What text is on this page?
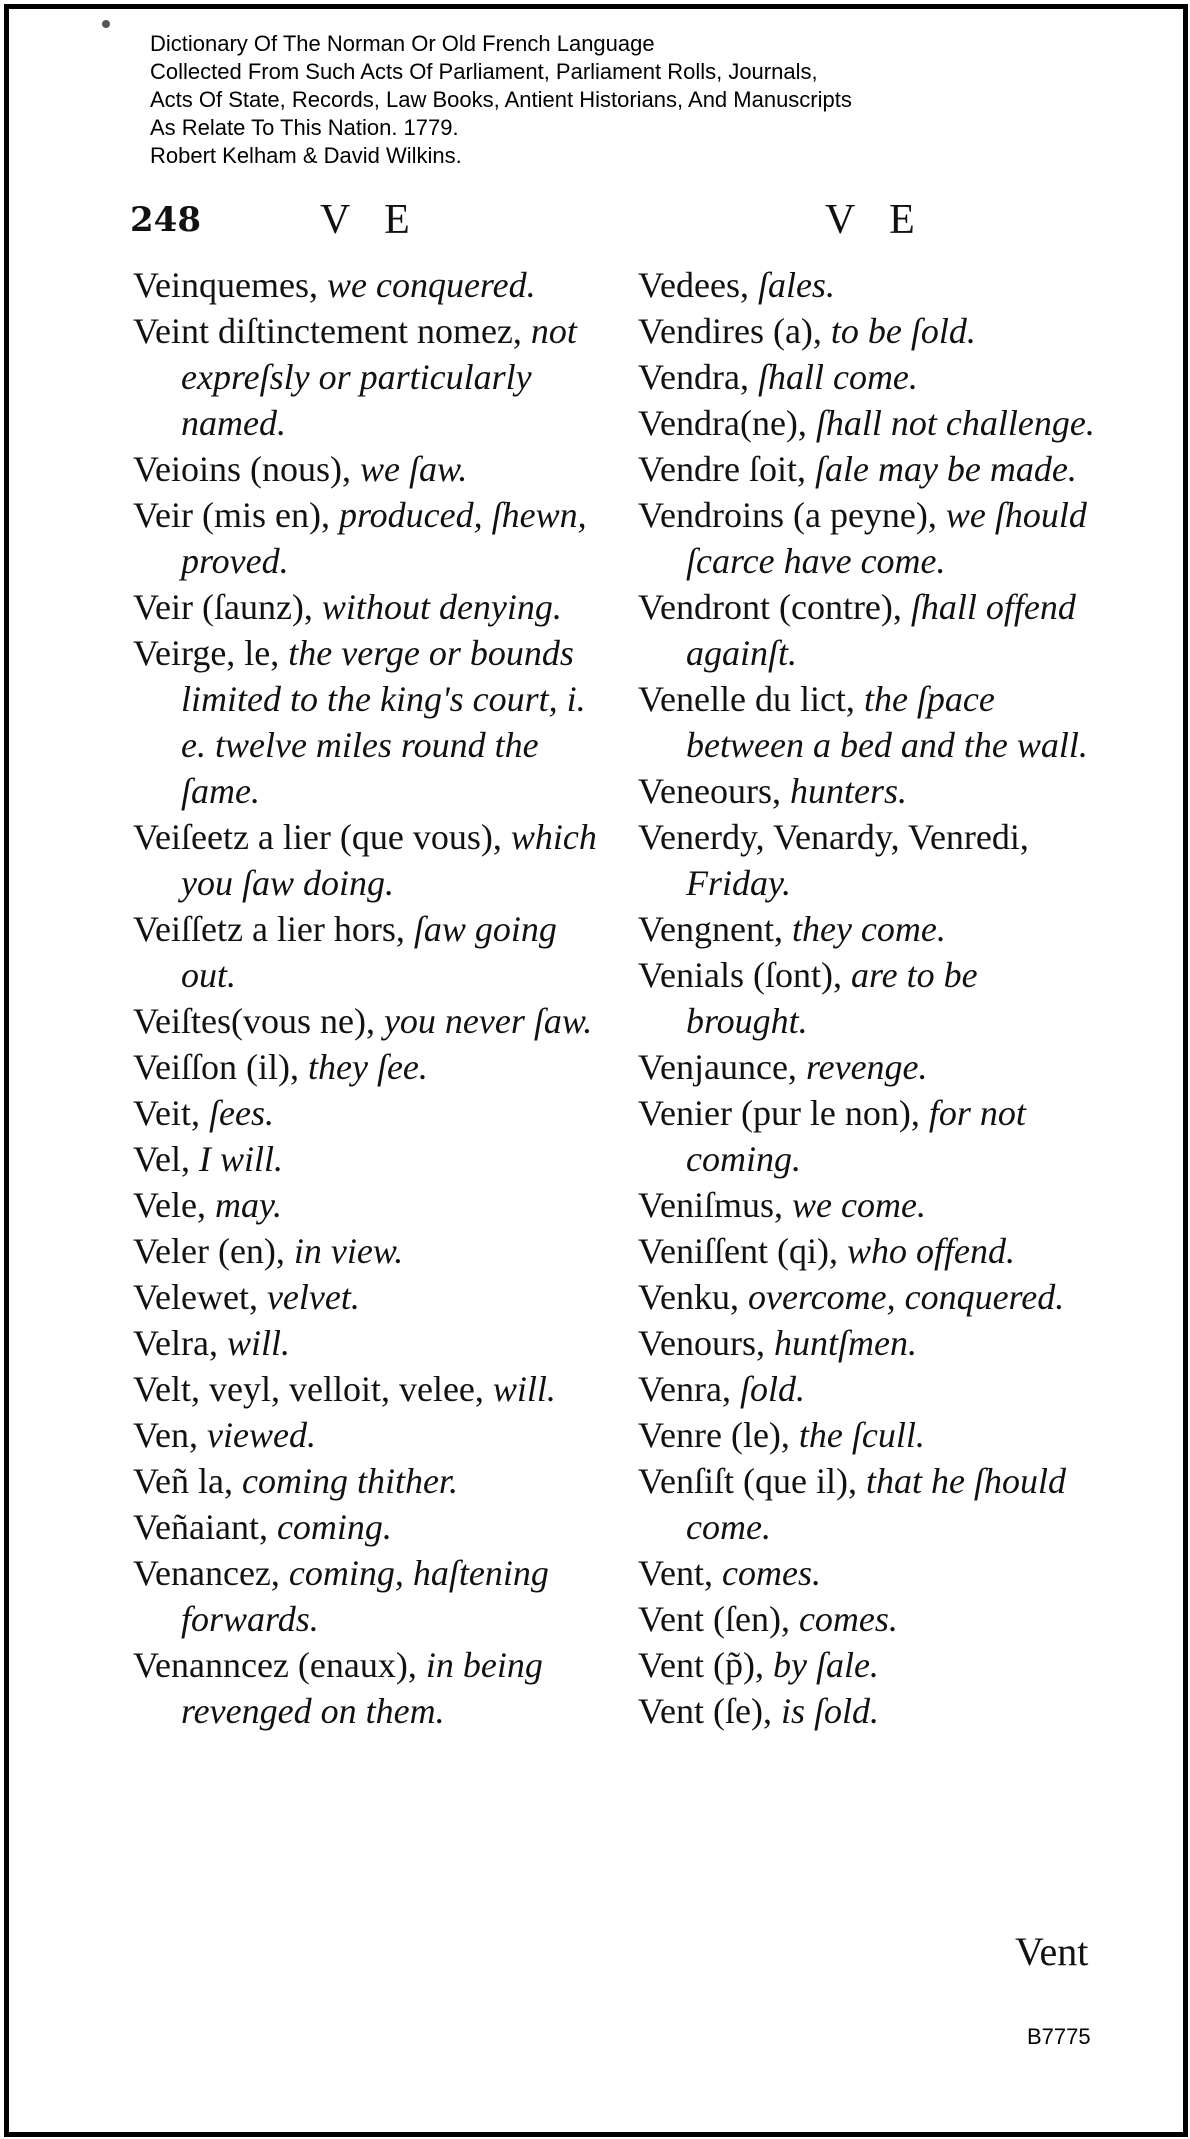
Dictionary Of The Norman Or Old French Language
Collected From Such Acts Of Parliament, Parliament Rolls, Journals,
Acts Of State, Records, Law Books, Antient Historians, And Manuscripts
As Relate To This Nation. 1779.
Robert Kelham & David Wilkins.
248	V E	V E
Veinquemes, we conquered.
Veint diſtinctement nomez, not expreſsly or particularly named.
Veioins (nous), we ſaw.
Veir (mis en), produced, ſhewn, proved.
Veir (ſaunz), without denying.
Veirge, le, the verge or bounds limited to the king's court, i. e. twelve miles round the ſame.
Veiſeetz a lier (que vous), which you ſaw doing.
Veiſſetz a lier hors, ſaw going out.
Veiſtes(vous ne), you never ſaw.
Veiſſon (il), they ſee.
Veit, ſees.
Vel, I will.
Vele, may.
Veler (en), in view.
Velewet, velvet.
Velra, will.
Velt, veyl, velloit, velee, will.
Ven, viewed.
Veñ la, coming thither.
Veñaiant, coming.
Venancez, coming, haſtening forwards.
Venanncez (enaux), in being revenged on them.
Vedees, ſales.
Vendires (a), to be ſold.
Vendra, ſhall come.
Vendra(ne), ſhall not challenge.
Vendre ſoit, ſale may be made.
Vendroins (a peyne), we ſhould ſcarce have come.
Vendront (contre), ſhall offend againſt.
Venelle du lict, the ſpace between a bed and the wall.
Veneours, hunters.
Venerdy, Venardy, Venredi, Friday.
Vengnent, they come.
Venials (ſont), are to be brought.
Venjaunce, revenge.
Venier (pur le non), for not coming.
Veniſmus, we come.
Veniſſent (qi), who offend.
Venku, overcome, conquered.
Venours, huntſmen.
Venra, ſold.
Venre (le), the ſcull.
Venſiſt (que il), that he ſhould come.
Vent, comes.
Vent (ſen), comes.
Vent (p̃), by ſale.
Vent (ſe), is ſold.
Vent
B7775
